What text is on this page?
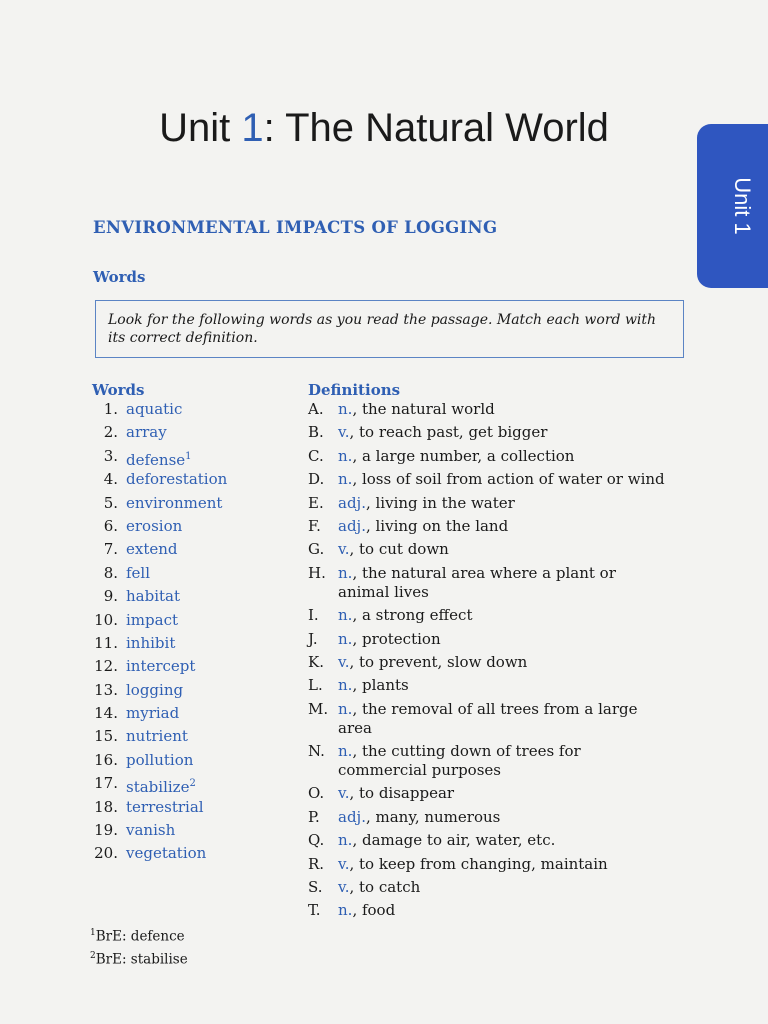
Unit 1: The Natural World
Unit 1
ENVIRONMENTAL IMPACTS OF LOGGING
Words
Look for the following words as you read the passage. Match each word with its correct definition.
Words	Definitions
1. aquatic
2. array
3. defense$^1$
4. deforestation
5. environment
6. erosion
7. extend
8. fell
9. habitat
10. impact
11. inhibit
12. intercept
13. logging
14. myriad
15. nutrient
16. pollution
17. stabilize$^2$
18. terrestrial
19. vanish
20. vegetation
A. n., the natural world
B. v., to reach past, get bigger
C. n., a large number, a collection
D. n., loss of soil from action of water or wind
E. adj., living in the water
F.	adj., living on the land
G. v., to cut down
H. n., the natural area where a plant or animal lives
I.	n., a strong effect
J.	n., protection
K. v., to prevent, slow down
L.	n., plants
M. n., the removal of all trees from a large area
N. n., the cutting down of trees for commercial purposes
O. v., to disappear
P.	adj., many, numerous
Q. n., damage to air, water, etc.
R. v., to keep from changing, maintain
S.	v., to catch
T.	n., food
$^1$BrE: defence
$^2$BrE: stabilise
